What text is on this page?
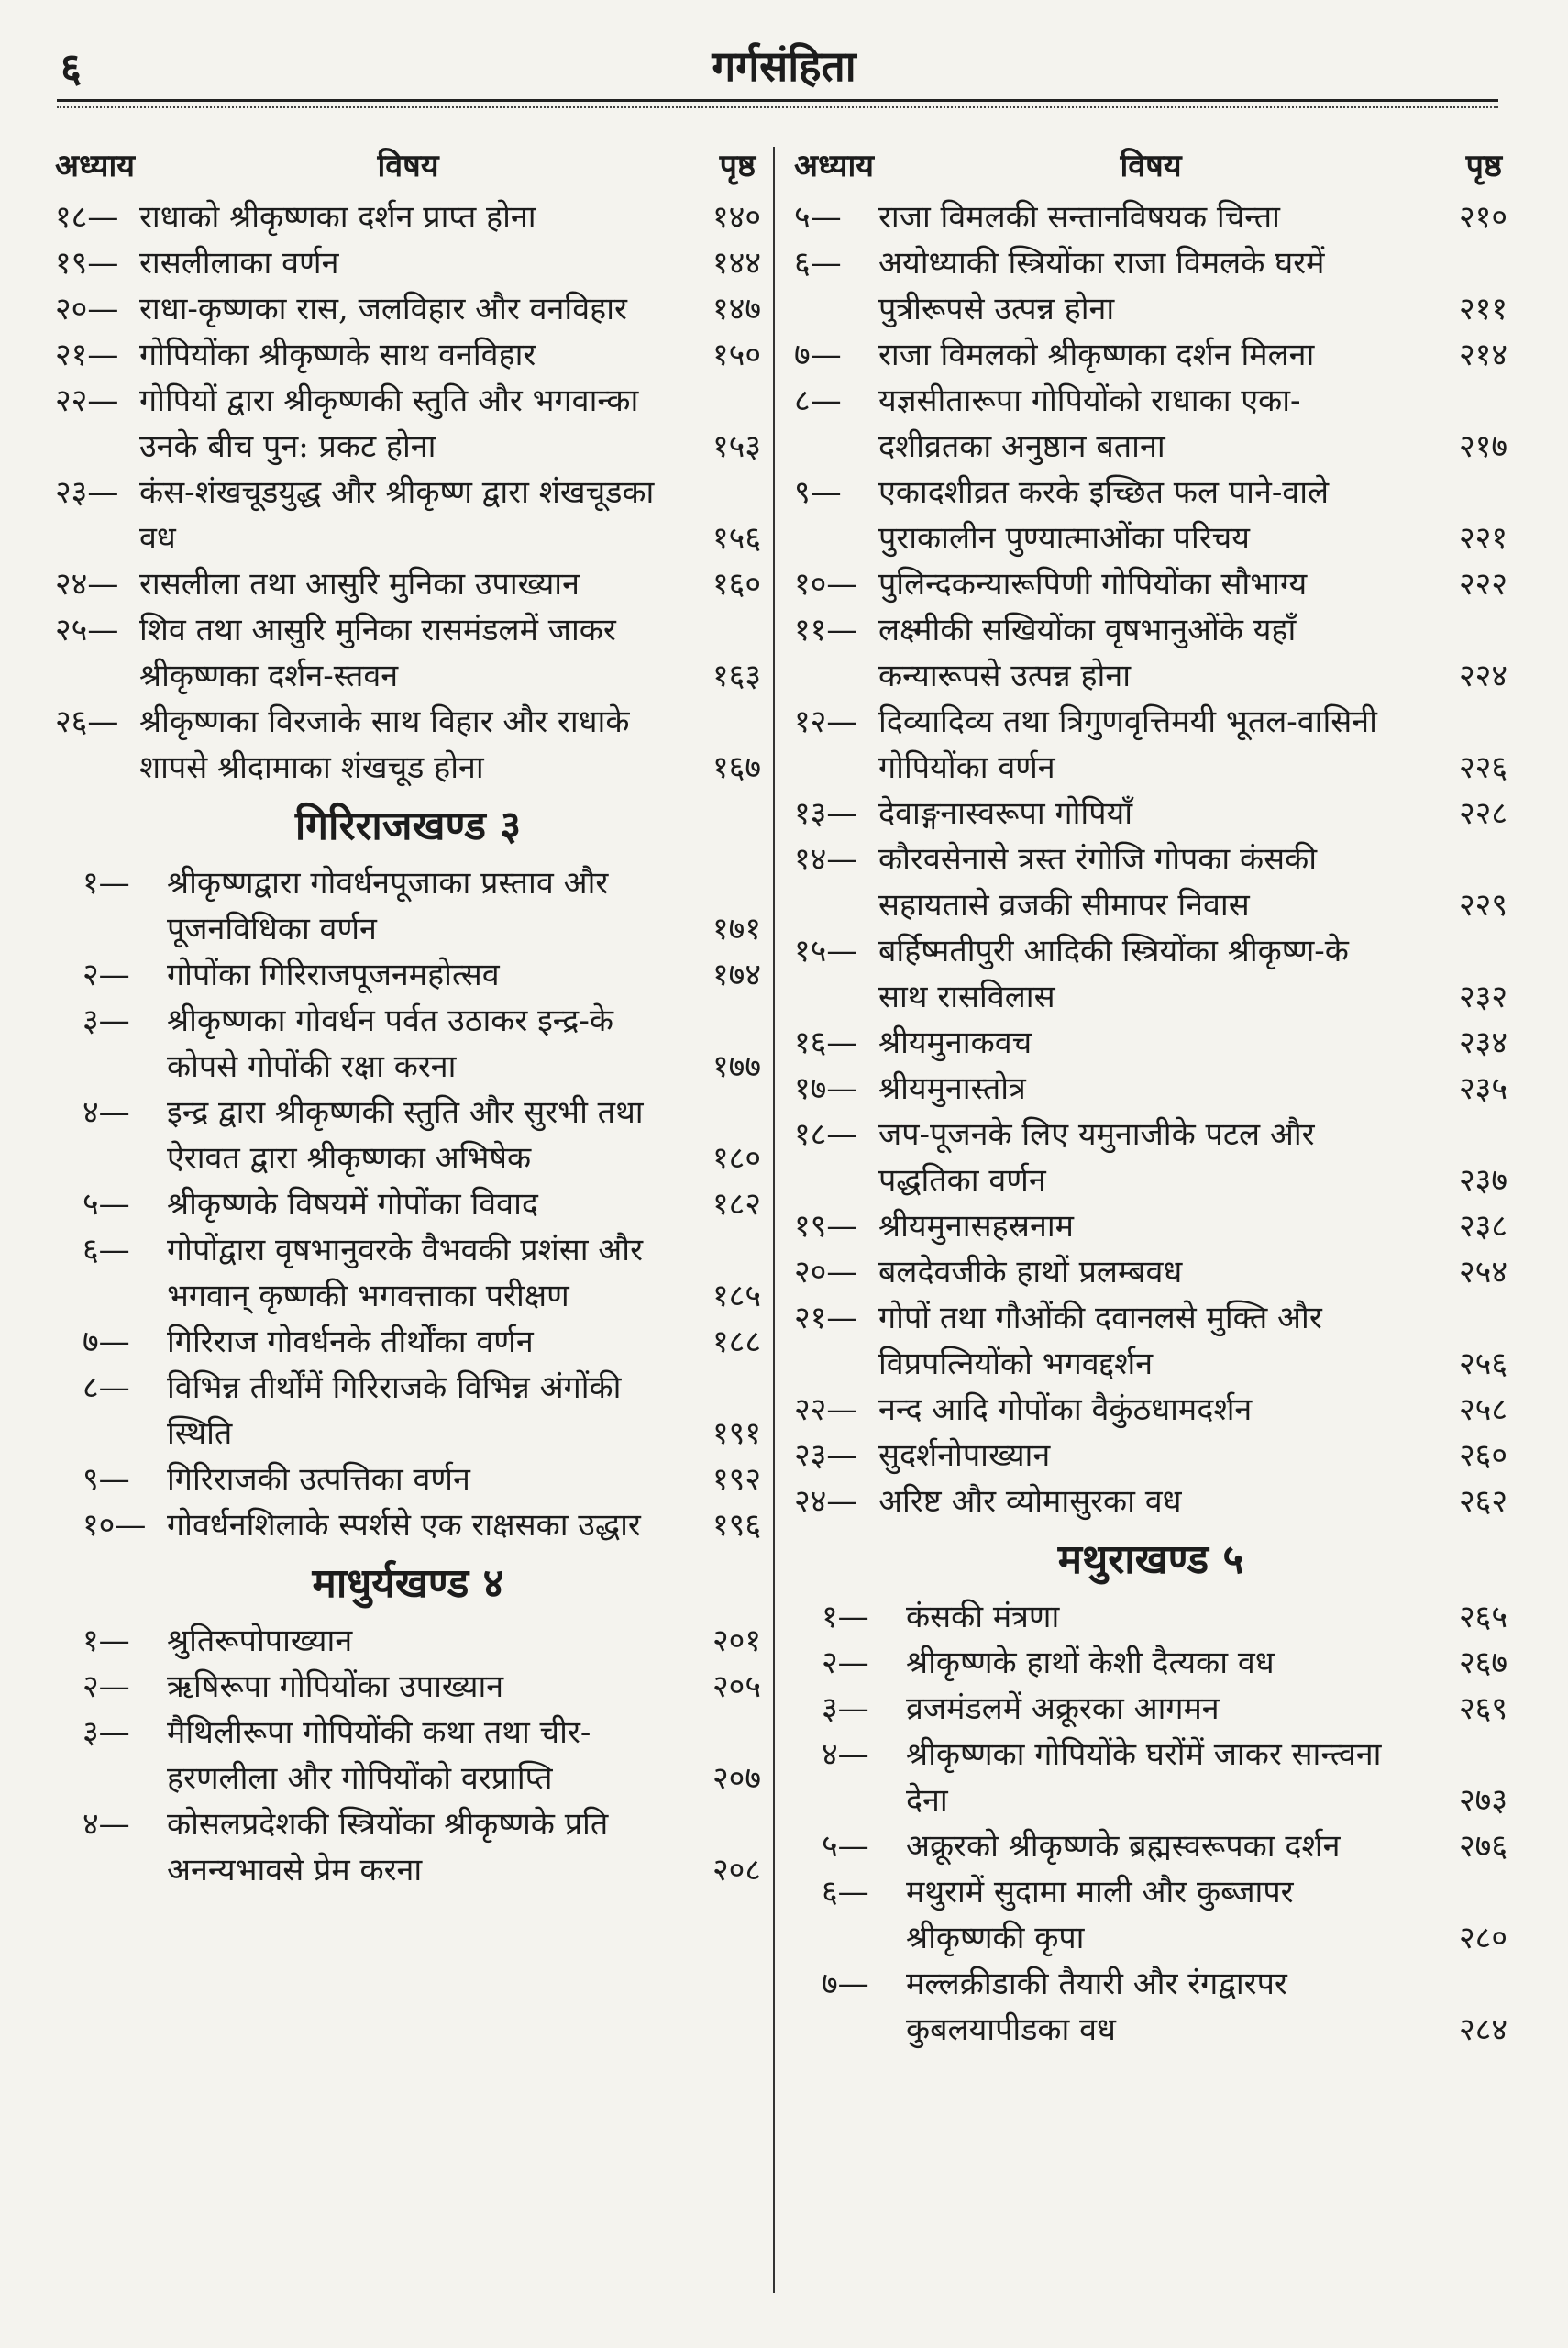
६	गर्गसंहिता
अध्याय	विषय	पृष्ठ
१८— राधाको श्रीकृष्णका दर्शन प्राप्त होना	१४०
१९— रासलीलाका वर्णन	१४४
२०— राधा-कृष्णका रास, जलविहार और वनविहार	१४७
२१— गोपियोंका श्रीकृष्णके साथ वनविहार	१५०
२२— गोपियों द्वारा श्रीकृष्णकी स्तुति और भगवान्का उनके बीच पुन: प्रकट होना	१५३
२३— कंस-शंखचूडयुद्ध और श्रीकृष्ण द्वारा शंखचूडका वध	१५६
२४— रासलीला तथा आसुरि मुनिका उपाख्यान	१६०
२५— शिव तथा आसुरि मुनिका रासमंडलमें जाकर श्रीकृष्णका दर्शन-स्तवन	१६३
२६— श्रीकृष्णका विरजाके साथ विहार और राधाके शापसे श्रीदामाका शंखचूड होना	१६७
गिरिराजखण्ड ३
१—	श्रीकृष्णद्वारा गोवर्धनपूजाका प्रस्ताव और पूजनविधिका वर्णन	१७१
२—	गोपोंका गिरिराजपूजनमहोत्सव	१७४
३—	श्रीकृष्णका गोवर्धन पर्वत उठाकर इन्द्र-के कोपसे गोपोंकी रक्षा करना	१७७
४—	इन्द्र द्वारा श्रीकृष्णकी स्तुति और सुरभी तथा ऐरावत द्वारा श्रीकृष्णका अभिषेक	१८०
५—	श्रीकृष्णके विषयमें गोपोंका विवाद	१८२
६—	गोपोंद्वारा वृषभानुवरके वैभवकी प्रशंसा और भगवान् कृष्णकी भगवत्ताका परीक्षण	१८५
७—	गिरिराज गोवर्धनके तीर्थोंका वर्णन	१८८
८—	विभिन्न तीर्थोंमें गिरिराजके विभिन्न अंगोंकी स्थिति	१९१
९—	गिरिराजकी उत्पत्तिका वर्णन	१९२
१०— गोवर्धनशिलाके स्पर्शसे एक राक्षसका उद्धार	१९६
माधुर्यखण्ड ४
१—	श्रुतिरूपोपाख्यान	२०१
२—	ऋषिरूपा गोपियोंका उपाख्यान	२०५
३—	मैथिलीरूपा गोपियोंकी कथा तथा चीर-हरणलीला और गोपियोंको वरप्राप्ति	२०७
४—	कोसलप्रदेशकी स्त्रियोंका श्रीकृष्णके प्रति अनन्यभावसे प्रेम करना	२०८
अध्याय	विषय	पृष्ठ
५—	राजा विमलकी सन्तानविषयक चिन्ता	२१०
६—	अयोध्याकी स्त्रियोंका राजा विमलके घरमें पुत्रीरूपसे उत्पन्न होना	२११
७—	राजा विमलको श्रीकृष्णका दर्शन मिलना	२१४
८—	यज्ञसीतारूपा गोपियोंको राधाका एका-दशीव्रतका अनुष्ठान बताना	२१७
९—	एकादशीव्रत करके इच्छित फल पाने-वाले पुराकालीन पुण्यात्माओंका परिचय	२२१
१०— पुलिन्दकन्यारूपिणी गोपियोंका सौभाग्य	२२२
११— लक्ष्मीकी सखियोंका वृषभानुओंके यहाँ कन्यारूपसे उत्पन्न होना	२२४
१२— दिव्यादिव्य तथा त्रिगुणवृत्तिमयी भूतल-वासिनी गोपियोंका वर्णन	२२६
१३— देवाङ्गनास्वरूपा गोपियाँ	२२८
१४— कौरवसेनासे त्रस्त रंगोजि गोपका कंसकी सहायतासे व्रजकी सीमापर निवास	२२९
१५— बर्हिष्मतीपुरी आदिकी स्त्रियोंका श्रीकृष्ण-के साथ रासविलास	२३२
१६— श्रीयमुनाकवच	२३४
१७— श्रीयमुनास्तोत्र	२३५
१८— जप-पूजनके लिए यमुनाजीके पटल और पद्धतिका वर्णन	२३७
१९— श्रीयमुनासहस्रनाम	२३८
२०— बलदेवजीके हाथों प्रलम्बवध	२५४
२१— गोपों तथा गौओंकी दवानलसे मुक्ति और विप्रपत्नियोंको भगवद्दर्शन	२५६
२२— नन्द आदि गोपोंका वैकुंठधामदर्शन	२५८
२३— सुदर्शनोपाख्यान	२६०
२४— अरिष्ट और व्योमासुरका वध	२६२
मथुराखण्ड ५
१—	कंसकी मंत्रणा	२६५
२—	श्रीकृष्णके हाथों केशी दैत्यका वध	२६७
३—	व्रजमंडलमें अक्रूरका आगमन	२६९
४—	श्रीकृष्णका गोपियोंके घरोंमें जाकर सान्त्वना देना	२७३
५—	अक्रूरको श्रीकृष्णके ब्रह्मस्वरूपका दर्शन	२७६
६—	मथुरामें सुदामा माली और कुब्जापर श्रीकृष्णकी कृपा	२८०
७—	मल्लक्रीडाकी तैयारी और रंगद्वारपर कुबलयापीडका वध	२८४
